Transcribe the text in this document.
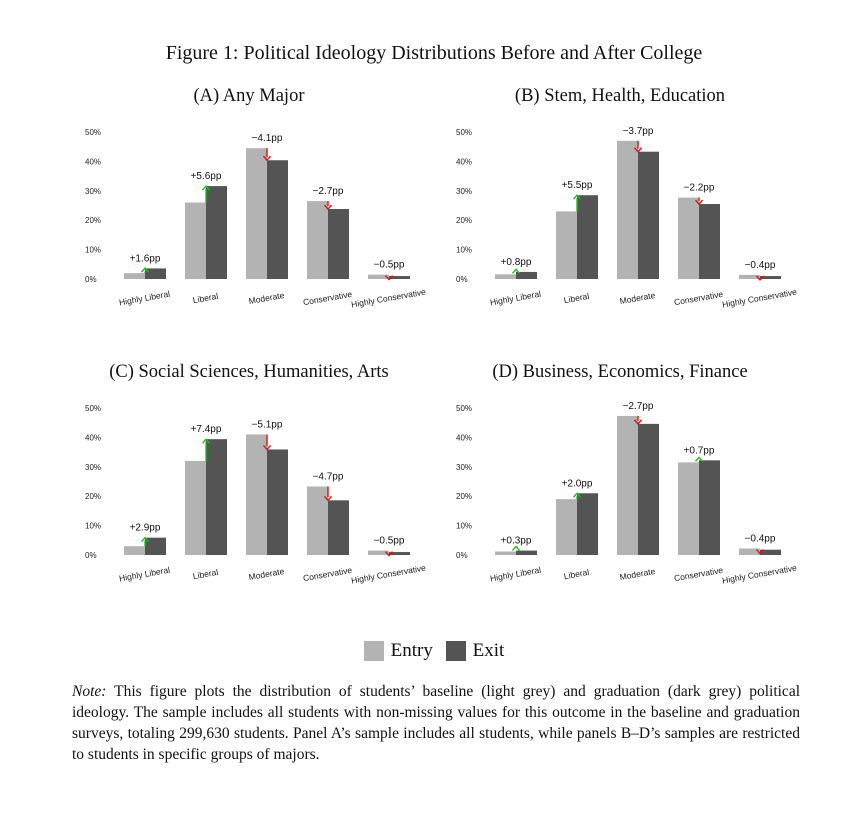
Figure 1: Political Ideology Distributions Before and After College
(A) Any Major
0%
10%
20%
30%
40%
50%
+1.6pp
Highly Liberal
+5.6pp
Liberal
−4.1pp
Moderate
−2.7pp
Conservative
−0.5pp
Highly Conservative
(B) Stem, Health, Education
0%
10%
20%
30%
40%
50%
+0.8pp
Highly Liberal
+5.5pp
Liberal
−3.7pp
Moderate
−2.2pp
Conservative
−0.4pp
Highly Conservative
(C) Social Sciences, Humanities, Arts
0%
10%
20%
30%
40%
50%
+2.9pp
Highly Liberal
+7.4pp
Liberal
−5.1pp
Moderate
−4.7pp
Conservative
−0.5pp
Highly Conservative
(D) Business, Economics, Finance
0%
10%
20%
30%
40%
50%
+0.3pp
Highly Liberal
+2.0pp
Liberal
−2.7pp
Moderate
+0.7pp
Conservative
−0.4pp
Highly Conservative
Entry
Exit
Note: This figure plots the distribution of students’ baseline (light grey) and graduation (dark grey) political ideology. The sample includes all students with non-missing values for this outcome in the baseline and graduation surveys, totaling 299,630 students. Panel A’s sample includes all students, while panels B–D’s samples are restricted to students in specific groups of majors.
